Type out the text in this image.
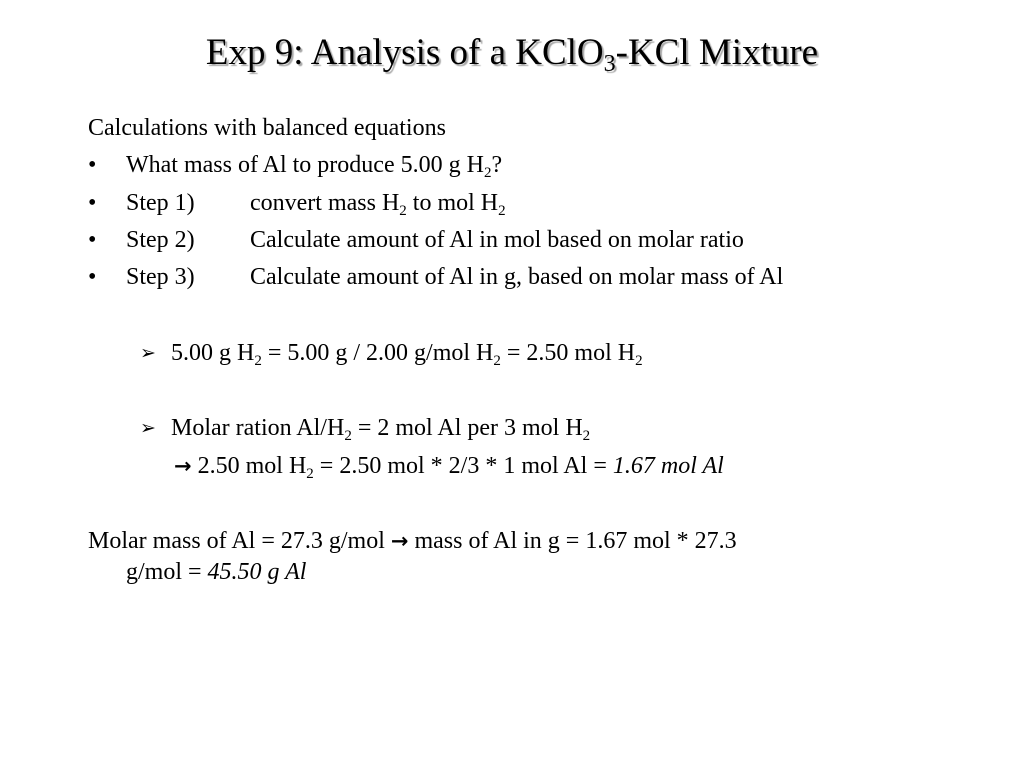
Exp 9: Analysis of a KClO$_3$-KCl Mixture
Calculations with balanced equations
• What mass of Al to produce 5.00 g $H_2$?
• Step 1) convert mass $H_2$ to mol $H_2$
• Step 2) Calculate amount of Al in mol based on molar ratio
• Step 3) Calculate amount of Al in g, based on molar mass of Al
➢ 5.00 g $H_2 = 5.00$ g / 2.00 g/mol $H_2 = 2.50$ mol $H_2$
➢ Molar ration $Al/H_2 = 2$ mol Al per 3 mol $H_2$
→ 2.50 mol $H_2 = 2.50$ mol * 2/3 * 1 mol Al = 1.67 mol Al
Molar mass of Al = 27.3 g/mol → mass of Al in g = 1.67 mol * 27.3
g/mol = 45.50 g Al
